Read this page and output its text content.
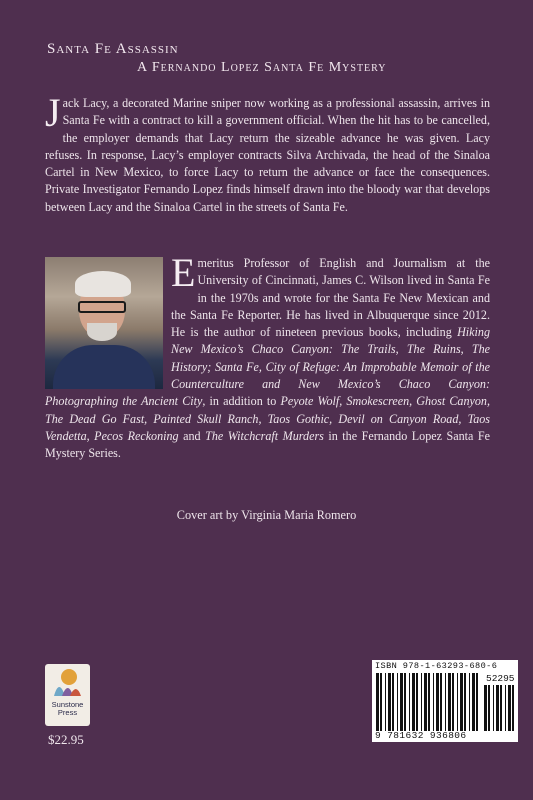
Santa Fe Assassin
A Fernando Lopez Santa Fe Mystery

Jack Lacy, a decorated Marine sniper now working as a professional assassin, arrives in Santa Fe with a contract to kill a government official. When the hit has to be cancelled, the employer demands that Lacy return the sizeable advance he was given. Lacy refuses. In response, Lacy’s employer contracts Silva Archivada, the head of the Sinaloa Cartel in New Mexico, to force Lacy to return the advance or face the consequences. Private Investigator Fernando Lopez finds himself drawn into the bloody war that develops between Lacy and the Sinaloa Cartel in the streets of Santa Fe.

Emeritus Professor of English and Journalism at the University of Cincinnati, James C. Wilson lived in Santa Fe in the 1970s and wrote for the Santa Fe New Mexican and the Santa Fe Reporter. He has lived in Albuquerque since 2012. He is the author of nineteen previous books, including Hiking New Mexico’s Chaco Canyon: The Trails, The Ruins, The History; Santa Fe, City of Refuge: An Improbable Memoir of the Counterculture and New Mexico’s Chaco Canyon: Photographing the Ancient City, in addition to Peyote Wolf, Smokescreen, Ghost Canyon, The Dead Go Fast, Painted Skull Ranch, Taos Gothic, Devil on Canyon Road, Taos Vendetta, Pecos Reckoning and The Witchcraft Murders in the Fernando Lopez Santa Fe Mystery Series.
Cover art by Virginia Maria Romero
Sunstone
Press
$22.95
ISBN 978-1-63293-680-6
52295
9 781632 936806
